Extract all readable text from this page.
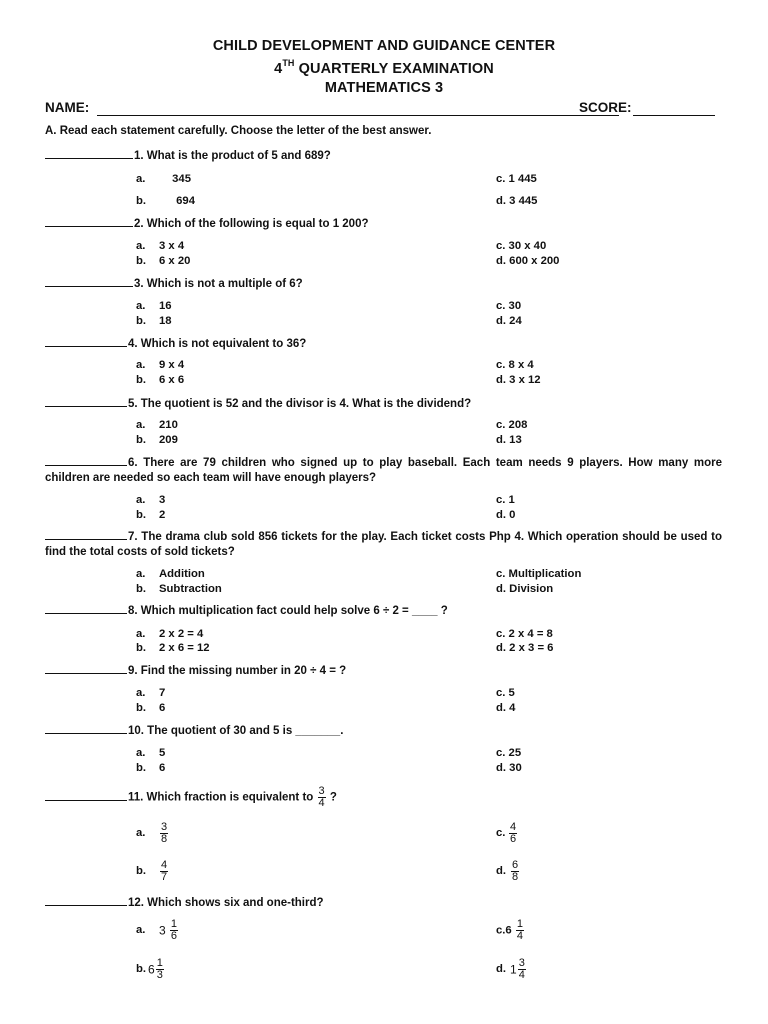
CHILD DEVELOPMENT AND GUIDANCE CENTER
4TH QUARTERLY EXAMINATION
MATHEMATICS 3
NAME:	SCORE:
A. Read each statement carefully. Choose the letter of the best answer.
1. What is the product of 5 and 689?
a. 345
b.	694
c. 1 445
d. 3 445
2. Which of the following is equal to 1 200?
a. 3 x 4
b. 6 x 20
c. 30 x 40
d. 600 x 200
3. Which is not a multiple of 6?
a. 16
b. 18
c. 30
d. 24
4. Which is not equivalent to 36?
a. 9 x 4
b. 6 x 6
c. 8 x 4
d. 3 x 12
5. The quotient is 52 and the divisor is 4. What is the dividend?
a. 210
b. 209
c. 208
d. 13
6. There are 79 children who signed up to play baseball. Each team needs 9 players. How many more children are needed so each team will have enough players?
a. 3
b. 2
c. 1
d. 0
7. The drama club sold 856 tickets for the play. Each ticket costs Php 4. Which operation should be used to find the total costs of sold tickets?
a. Addition
b. Subtraction
c. Multiplication
d. Division
8. Which multiplication fact could help solve 6 ÷ 2 = ____ ?
a. 2 x 2 = 4
b. 2 x 6 = 12
c. 2 x 4 = 8
d. 2 x 3 = 6
9. Find the missing number in 20 ÷ 4 = ?
a. 7
b. 6
c. 5
d. 4
10. The quotient of 30 and 5 is _______.
a. 5
b. 6
c. 25
d. 30
11. Which fraction is equivalent to $\frac{3}{4}$ ?
a. $\frac{3}{8}$
b. $\frac{4}{7}$
c. $\frac{4}{6}$
d. $\frac{6}{8}$
12. Which shows six and one-third?
a. $3 \frac{1}{6}$
b. $6 \frac{1}{3}$
$c.6 \frac{1}{4}$
d. $1 \frac{3}{4}$
